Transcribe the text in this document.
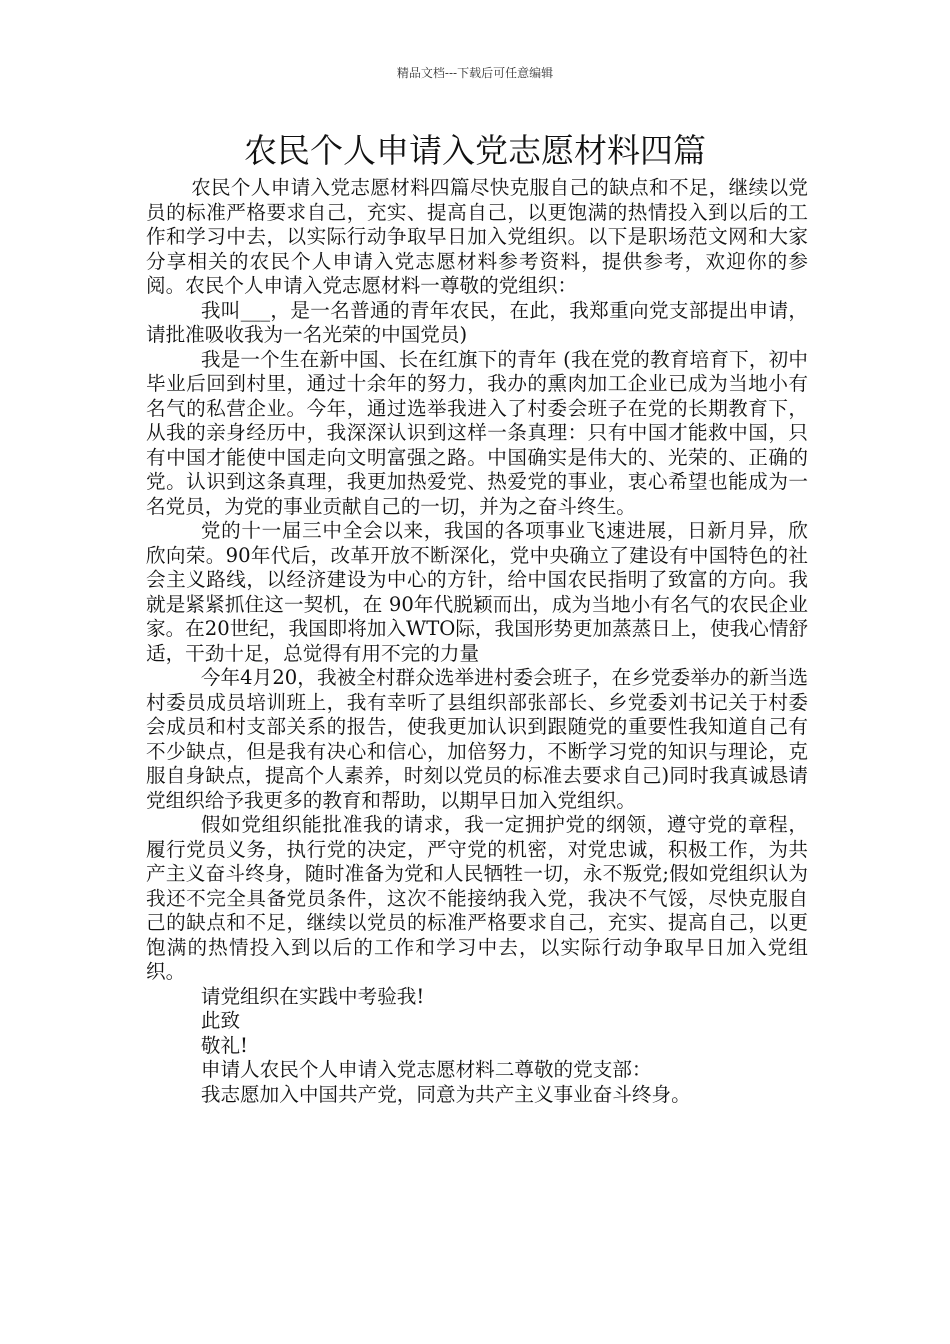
精品文档---下载后可任意编辑
农民个人申请入党志愿材料四篇

农民个人申请入党志愿材料四篇尽快克服自己的缺点和不足，继续以党员的标准严格要求自己，充实、提高自己，以更饱满的热情投入到以后的工作和学习中去，以实际行动争取早日加入党组织。以下是职场范文网和大家分享相关的农民个人申请入党志愿材料参考资料，提供参考，欢迎你的参阅。农民个人申请入党志愿材料一尊敬的党组织：

我叫___，是一名普通的青年农民，在此，我郑重向党支部提出申请，请批准吸收我为一名光荣的中国党员)

我是一个生在新中国、长在红旗下的青年 (我在党的教育培育下，初中毕业后回到村里，通过十余年的努力，我办的熏肉加工企业已成为当地小有名气的私营企业。今年，通过选举我进入了村委会班子在党的长期教育下，从我的亲身经历中，我深深认识到这样一条真理：只有中国才能救中国，只有中国才能使中国走向文明富强之路。中国确实是伟大的、光荣的、正确的党。认识到这条真理，我更加热爱党、热爱党的事业，衷心希望也能成为一名党员，为党的事业贡献自己的一切，并为之奋斗终生。

党的十一届三中全会以来，我国的各项事业飞速进展，日新月异，欣欣向荣。90年代后，改革开放不断深化，党中央确立了建设有中国特色的社会主义路线，以经济建设为中心的方针，给中国农民指明了致富的方向。我就是紧紧抓住这一契机，在 90年代脱颖而出，成为当地小有名气的农民企业家。在20世纪，我国即将加入WTO际，我国形势更加蒸蒸日上，使我心情舒适，干劲十足，总觉得有用不完的力量

今年4月20，我被全村群众选举进村委会班子，在乡党委举办的新当选村委员成员培训班上，我有幸听了县组织部张部长、乡党委刘书记关于村委会成员和村支部关系的报告，使我更加认识到跟随党的重要性我知道自己有不少缺点，但是我有决心和信心，加倍努力，不断学习党的知识与理论，克服自身缺点，提高个人素养，时刻以党员的标准去要求自己)同时我真诚恳请党组织给予我更多的教育和帮助，以期早日加入党组织。

假如党组织能批准我的请求，我一定拥护党的纲领，遵守党的章程，履行党员义务，执行党的决定，严守党的机密，对党忠诚，积极工作，为共产主义奋斗终身，随时准备为党和人民牺牲一切，永不叛党;假如党组织认为我还不完全具备党员条件，这次不能接纳我入党，我决不气馁，尽快克服自己的缺点和不足，继续以党员的标准严格要求自己，充实、提高自己，以更饱满的热情投入到以后的工作和学习中去，以实际行动争取早日加入党组织。

请党组织在实践中考验我!

此致

敬礼!

申请人农民个人申请入党志愿材料二尊敬的党支部：

我志愿加入中国共产党，同意为共产主义事业奋斗终身。
